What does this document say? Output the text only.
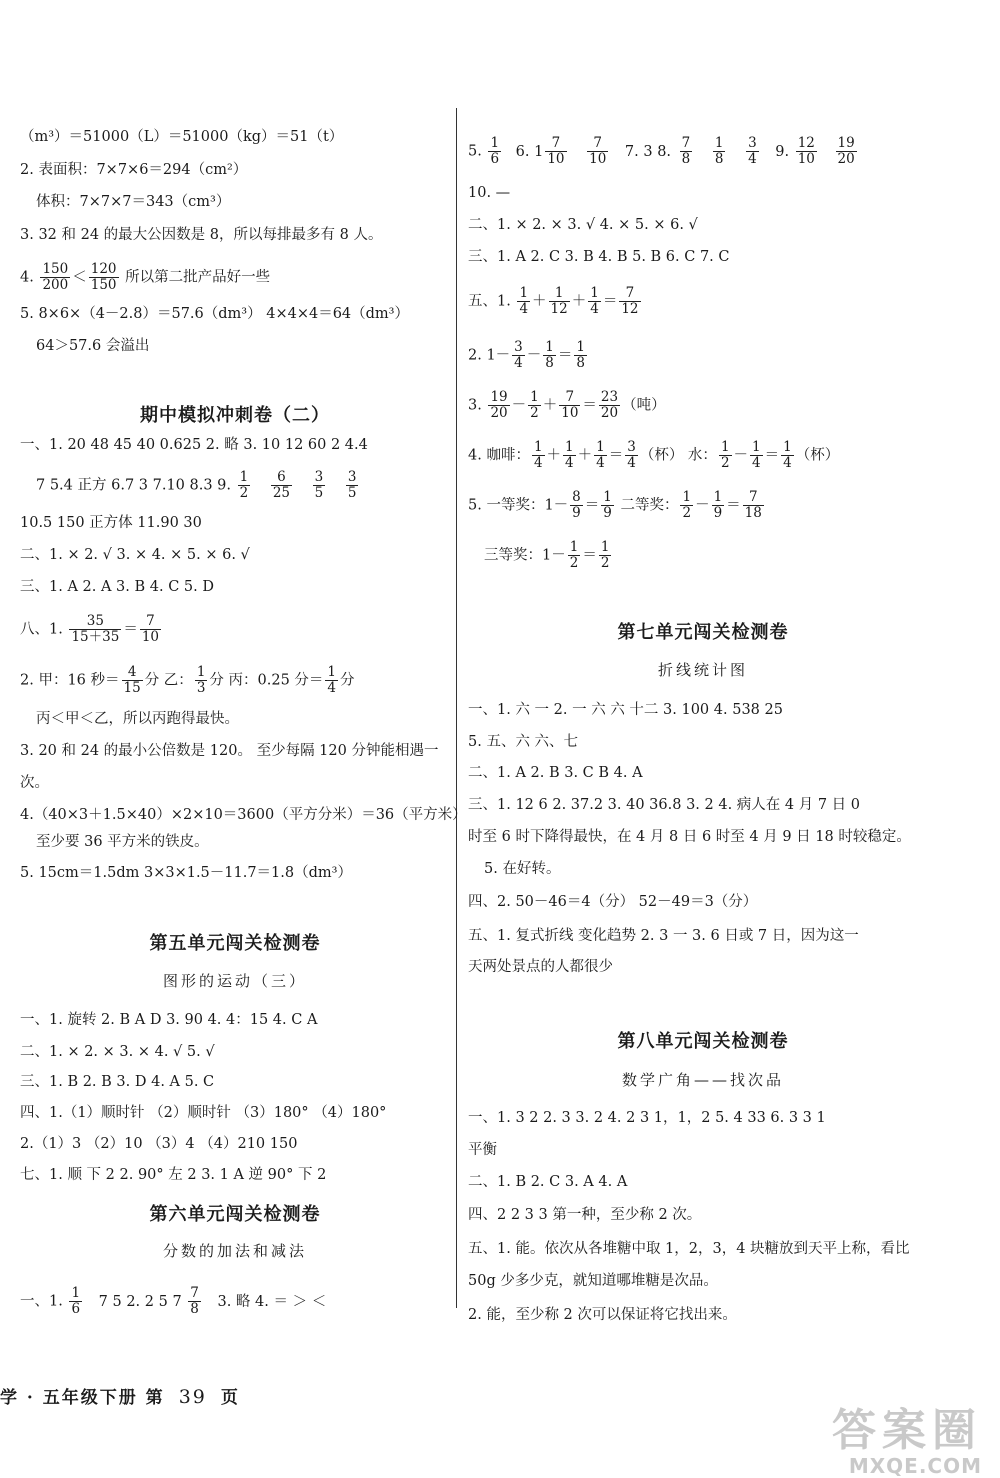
（m³）＝51000（L）＝51000（kg）＝51（t）
2. 表面积：7×7×6＝294（cm²）
体积：7×7×7＝343（cm³）
3. 32 和 24 的最大公因数是 8，所以每排最多有 8 人。
4. $\frac{150}{200} < \frac{120}{150}$ 所以第二批产品好一些
5. 8×6×（4－2.8）＝57.6（dm³） 4×4×4＝64（dm³）
64＞57.6 会溢出
期中模拟冲刺卷（二）
一、1. 20 48 45 40 0.625 2. 略 3. 10 12 60 2 4.4
7 5.4 正方 6.7 3 7.10 8.3 9. $\frac{1}{2}$
$\frac{6}{25}$
$\frac{3}{5}$
$\frac{3}{5}$
10.5 150 正方体 11.90 30
二、1. × 2. √ 3. × 4. × 5. × 6. √
三、1. A 2. A 3. B 4. C 5. D
八、1. $\frac{35}{15+35} = \frac{7}{10}$
2. 甲：16 秒＝ $\frac{4}{15}$ 分 乙： $\frac{1}{3}$ 分 丙：0.25 分＝ $\frac{1}{4}$ 分
丙＜甲＜乙，所以丙跑得最快。
3. 20 和 24 的最小公倍数是 120。 至少每隔 120 分钟能相遇一
次。
4.（40×3＋1.5×40）×2×10＝3600（平方分米）＝36（平方米）
至少要 36 平方米的铁皮。
5. 15cm＝1.5dm 3×3×1.5－11.7＝1.8（dm³）
第五单元闯关检测卷
图形的运动（三）
一、1. 旋转 2. B A D 3. 90 4. 4：15 4. C A
二、1. × 2. × 3. × 4. √ 5. √
三、1. B 2. B 3. D 4. A 5. C
四、1.（1）顺时针 （2）顺时针 （3）180° （4）180°
2.（1）3 （2）10 （3）4 （4）210 150
七、1. 顺 下 2 2. 90° 左 2 3. 1 A 逆 90° 下 2
第六单元闯关检测卷
分数的加法和减法
一、1. $\frac{1}{6} 7$ 5 2. 2 5 $7 \frac{7}{8} 3$. 略 4. ＝ ＞ ＜
5. $\frac{1}{6} 6$. $1 \frac{7}{10}$
$\frac{7}{10} 7$. 3 8. $\frac{7}{8}$
$\frac{1}{8}$
$\frac{3}{4} 9$. $\frac{12}{10}$
$\frac{19}{20}$
10. —
二、1. × 2. × 3. √ 4. × 5. × 6. √
三、1. A 2. C 3. B 4. B 5. B 6. C 7. C
五、1. $\frac{1}{4} + \frac{1}{12} + \frac{1}{4} = \frac{7}{12}$
2. $1- \frac{3}{4} - \frac{1}{8} = \frac{1}{8}$
3. $\frac{19}{20} - \frac{1}{2} + \frac{7}{10} = \frac{23}{20}$ （吨）
4. 咖啡： $\frac{1}{4} + \frac{1}{4} + \frac{1}{4} = \frac{3}{4}$ （杯） 水： $\frac{1}{2} - \frac{1}{4} = \frac{1}{4}$ （杯）
5. 一等奖：$1- \frac{8}{9} = \frac{1}{9}$ 二等奖： $\frac{1}{2} - \frac{1}{9} = \frac{7}{18}$
三等奖：$1- \frac{1}{2} = \frac{1}{2}$
第七单元闯关检测卷
折线统计图
一、1. 六 一 2. 一 六 六 十二 3. 100 4. 538 25
5. 五、六 六、七
二、1. A 2. B 3. C B 4. A
三、1. 12 6 2. 37.2 3. 40 36.8 3. 2 4. 病人在 4 月 7 日 0
时至 6 时下降得最快，在 4 月 8 日 6 时至 4 月 9 日 18 时较稳定。
5. 在好转。
四、2. 50－46＝4（分） 52－49＝3（分）
五、1. 复式折线 变化趋势 2. 3 一 3. 6 日或 7 日，因为这一
天两处景点的人都很少
第八单元闯关检测卷
数学广角——找次品
一、1. 3 2 2. 3 3. 2 4. 2 3 1，1，2 5. 4 33 6. 3 3 1
平衡
二、1. B 2. C 3. A 4. A
四、2 2 3 3 第一种，至少称 2 次。
五、1. 能。依次从各堆糖中取 1，2，3，4 块糖放到天平上称，看比
50g 少多少克，就知道哪堆糖是次品。
2. 能，至少称 2 次可以保证将它找出来。
学 · 五年级下册 第 39 页
答案圈
MXQE.COM
